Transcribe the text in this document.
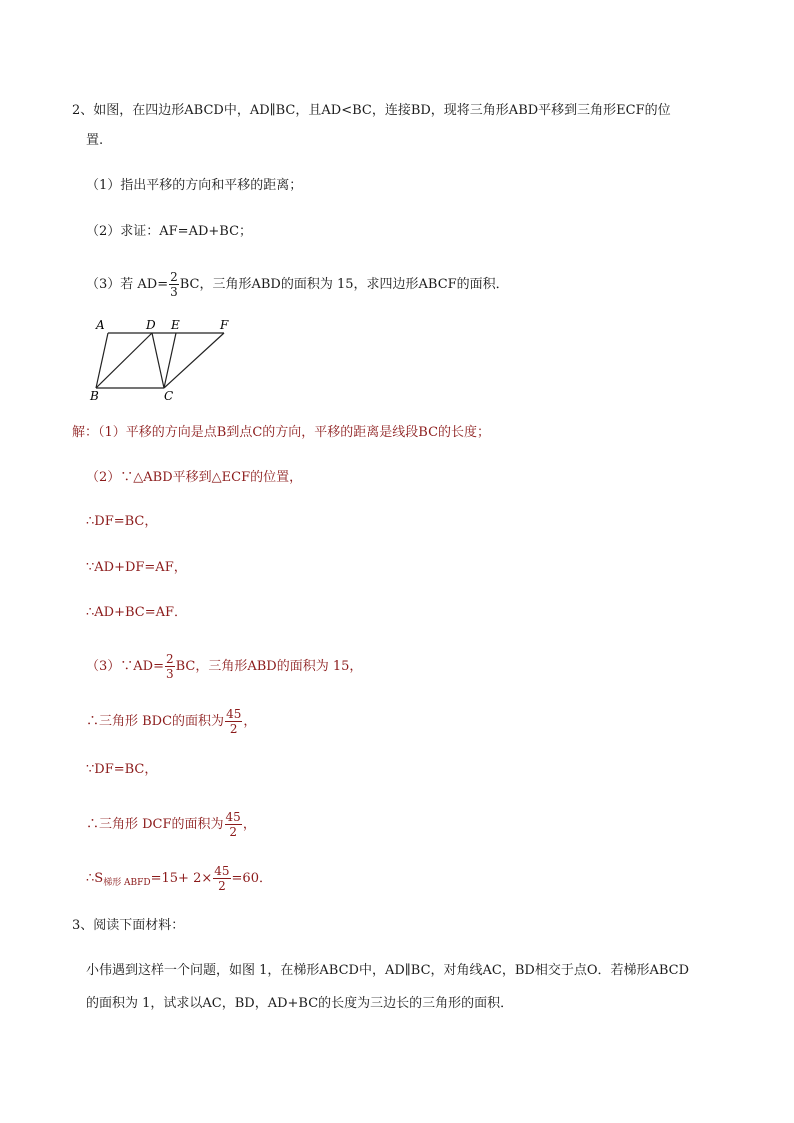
2、如图，在四边形ABCD中，AD∥BC，且AD<BC，连接BD，现将三角形ABD平移到三角形ECF的位
置.
（1）指出平移的方向和平移的距离；
（2）求证：AF=AD+BC；
（3）若 $AD= \frac{2}{3}$ BC，三角形ABD的面积为 15，求四边形ABCF的面积．
A	D E	F
B	C
解：（1）平移的方向是点B到点C的方向，平移的距离是线段BC的长度；
（2）∵△ABD平移到△ECF的位置，
∴DF=BC，
∵AD+DF=AF，
∴AD+BC=AF．
（3）∵AD= $\frac{2}{3}$ BC，三角形ABD的面积为 15，
∴三角形 BDC的面积为 $\frac{45}{2}$ ，
∵DF=BC，
∴三角形 DCF的面积为 $\frac{45}{2}$ ，
$\therefore S_{梯形 ABFD}=15+ 2\times \frac{45}{2} =60$．
3、阅读下面材料：
小伟遇到这样一个问题，如图 1，在梯形ABCD中，AD∥BC，对角线AC，BD相交于点O．若梯形ABCD
的面积为 1，试求以AC，BD，AD+BC的长度为三边长的三角形的面积．
